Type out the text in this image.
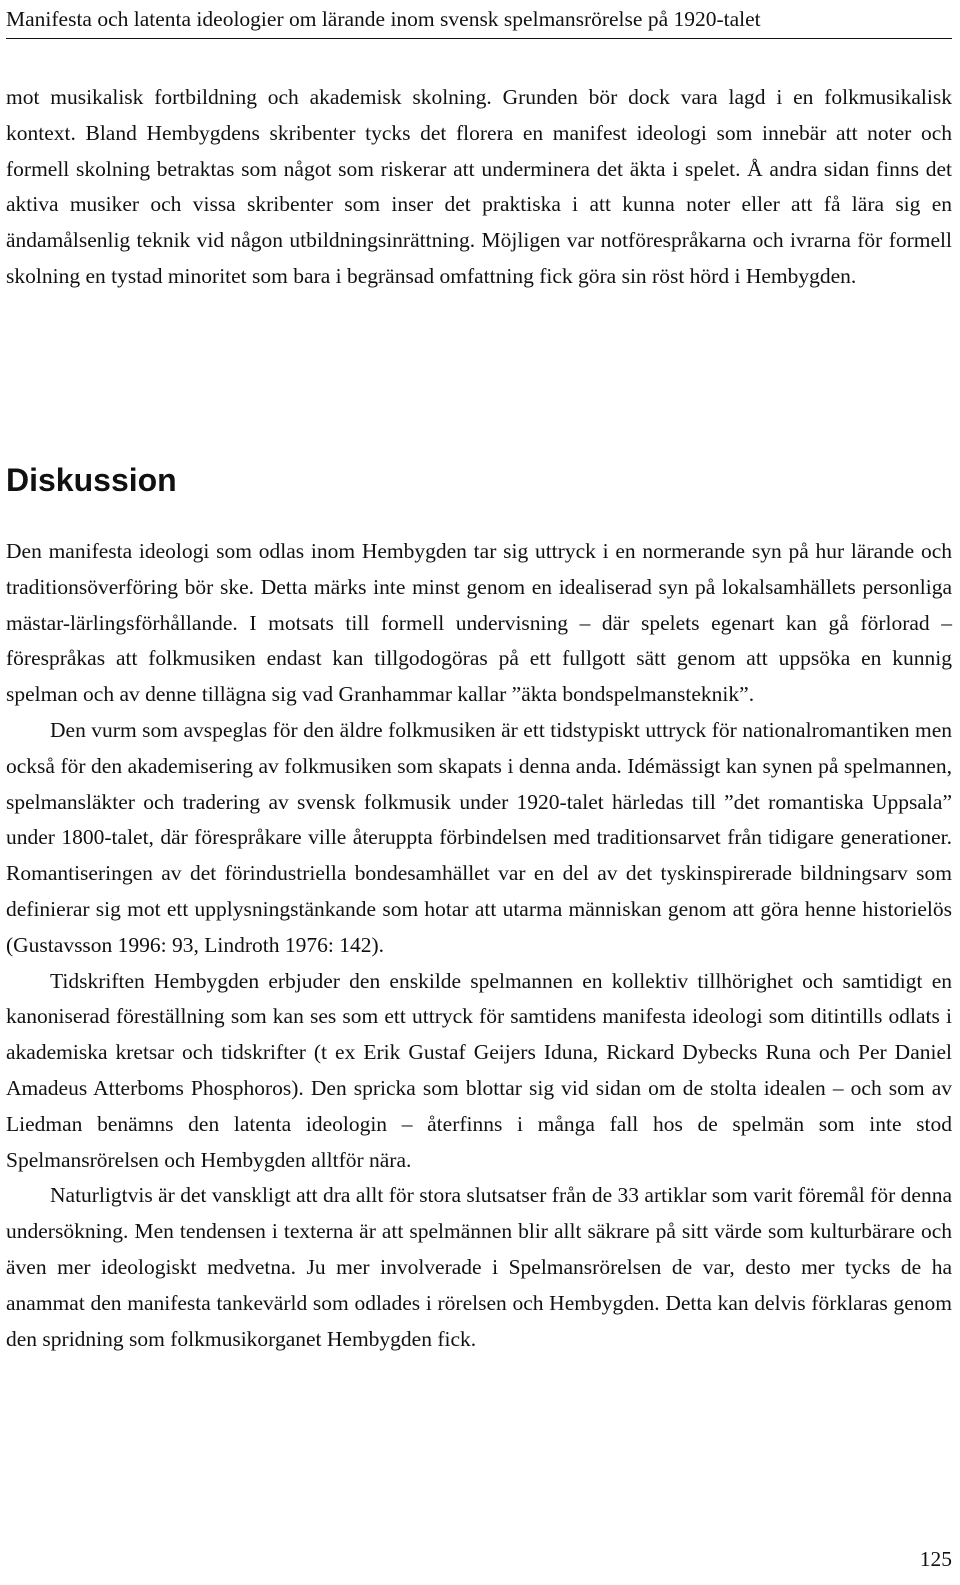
Manifesta och latenta ideologier om lärande inom svensk spelmansrörelse på 1920-talet

mot musikalisk fortbildning och akademisk skolning. Grunden bör dock vara lagd i en folkmusikalisk kontext. Bland Hembygdens skribenter tycks det florera en manifest ideologi som innebär att noter och formell skolning betraktas som något som riskerar att underminera det äkta i spelet. Å andra sidan finns det aktiva musiker och vissa skribenter som inser det praktiska i att kunna noter eller att få lära sig en ändamålsenlig teknik vid någon utbildningsinrättning. Möjligen var notförespråkarna och ivrarna för formell skolning en tystad minoritet som bara i begränsad omfattning fick göra sin röst hörd i Hembygden.

Diskussion

Den manifesta ideologi som odlas inom Hembygden tar sig uttryck i en normerande syn på hur lärande och traditionsöverföring bör ske. Detta märks inte minst genom en idealiserad syn på lokalsamhällets personliga mästar-lärlingsförhållande. I motsats till formell undervisning – där spelets egenart kan gå förlorad – förespråkas att folkmusiken endast kan tillgodogöras på ett fullgott sätt genom att uppsöka en kunnig spelman och av denne tillägna sig vad Granhammar kallar ”äkta bondspelmansteknik”.

Den vurm som avspeglas för den äldre folkmusiken är ett tidstypiskt uttryck för nationalromantiken men också för den akademisering av folkmusiken som skapats i denna anda. Idémässigt kan synen på spelmannen, spelmansläkter och tradering av svensk folkmusik under 1920-talet härledas till ”det romantiska Uppsala” under 1800-talet, där förespråkare ville återuppta förbindelsen med traditionsarvet från tidigare generationer. Romantiseringen av det förindustriella bondesamhället var en del av det tyskinspirerade bildningsarv som definierar sig mot ett upplysningstänkande som hotar att utarma människan genom att göra henne historielös (Gustavsson 1996: 93, Lindroth 1976: 142).

Tidskriften Hembygden erbjuder den enskilde spelmannen en kollektiv tillhörighet och samtidigt en kanoniserad föreställning som kan ses som ett uttryck för samtidens manifesta ideologi som ditintills odlats i akademiska kretsar och tidskrifter (t ex Erik Gustaf Geijers Iduna, Rickard Dybecks Runa och Per Daniel Amadeus Atterboms Phosphoros). Den spricka som blottar sig vid sidan om de stolta idealen – och som av Liedman benämns den latenta ideologin – återfinns i många fall hos de spelmän som inte stod Spelmansrörelsen och Hembygden alltför nära.

Naturligtvis är det vanskligt att dra allt för stora slutsatser från de 33 artiklar som varit föremål för denna undersökning. Men tendensen i texterna är att spelmännen blir allt säkrare på sitt värde som kulturbärare och även mer ideologiskt medvetna. Ju mer involverade i Spelmansrörelsen de var, desto mer tycks de ha anammat den manifesta tankevärld som odlades i rörelsen och Hembygden. Detta kan delvis förklaras genom den spridning som folkmusikorganet Hembygden fick.

125
